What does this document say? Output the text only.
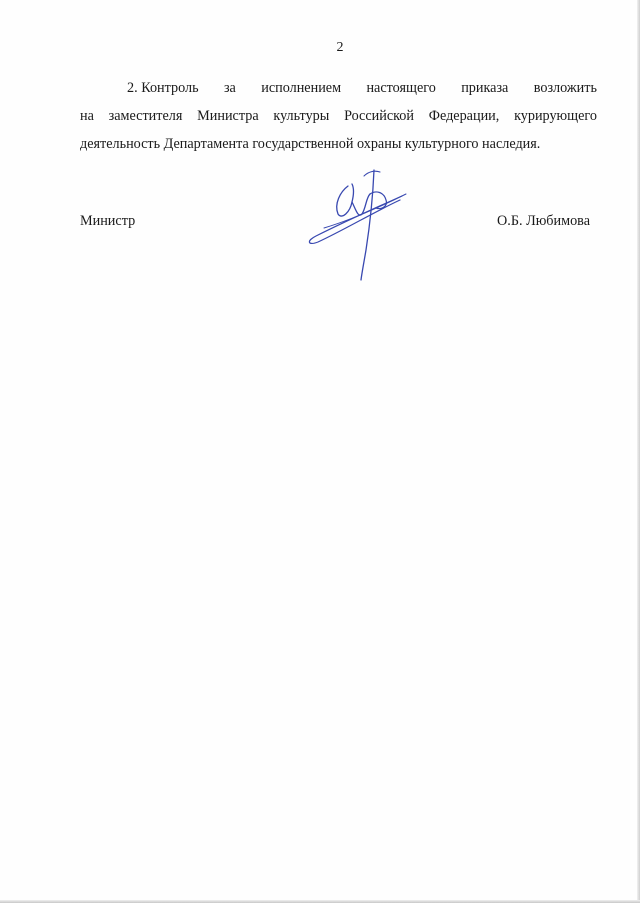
2
2. Контроль за исполнением настоящего приказа возложить
на заместителя Министра культуры Российской Федерации, курирующего
деятельность Департамента государственной охраны культурного наследия.
Министр	О.Б. Любимова
